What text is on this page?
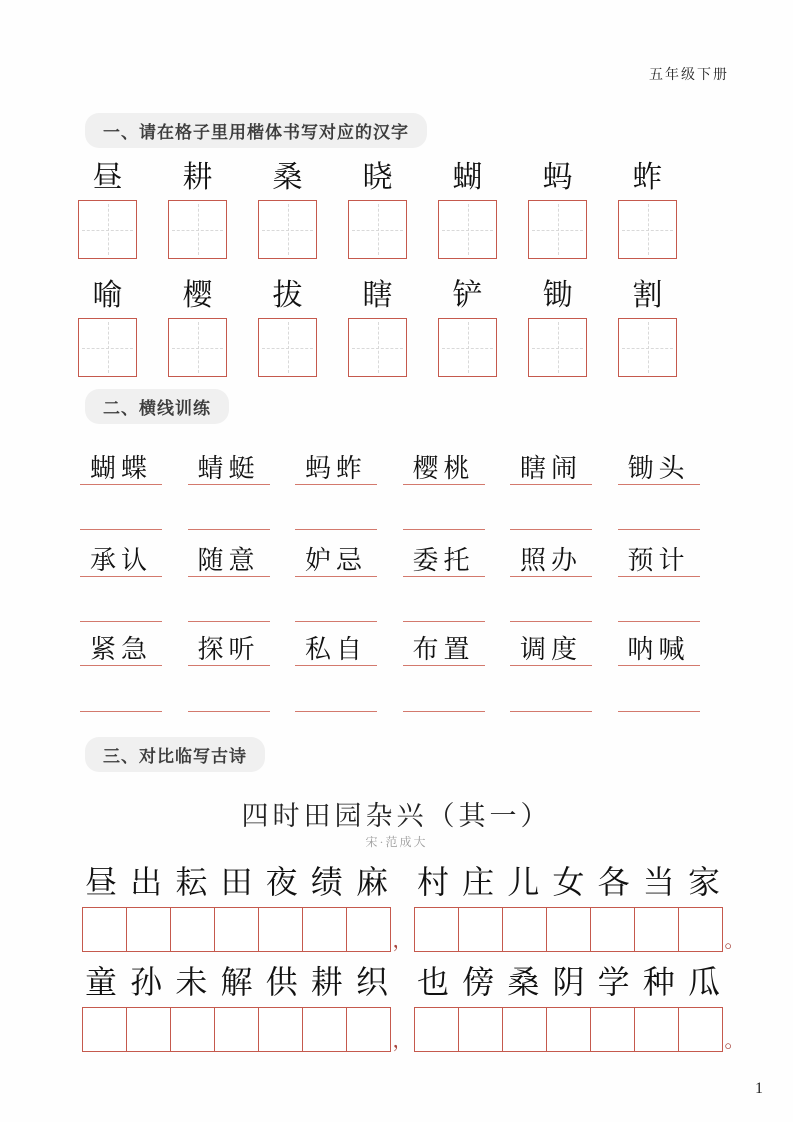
五年级下册
一、请在格子里用楷体书写对应的汉字
昼	耕	桑	晓	蝴	蚂	蚱
喻	樱	拔	瞎	铲	锄	割
二、横线训练
蝴蝶	蜻蜓	蚂蚱	樱桃	瞎闹	锄头
承认	随意	妒忌	委托	照办	预计
紧急	探听	私自	布置	调度	呐喊
三、对比临写古诗
四时田园杂兴（其一）
宋·范成大
昼 出 耘 田 夜 绩 麻 村 庄 儿 女 各 当 家
，	。
童 孙 未 解 供 耕 织 也 傍 桑 阴 学 种 瓜
，	。
1
